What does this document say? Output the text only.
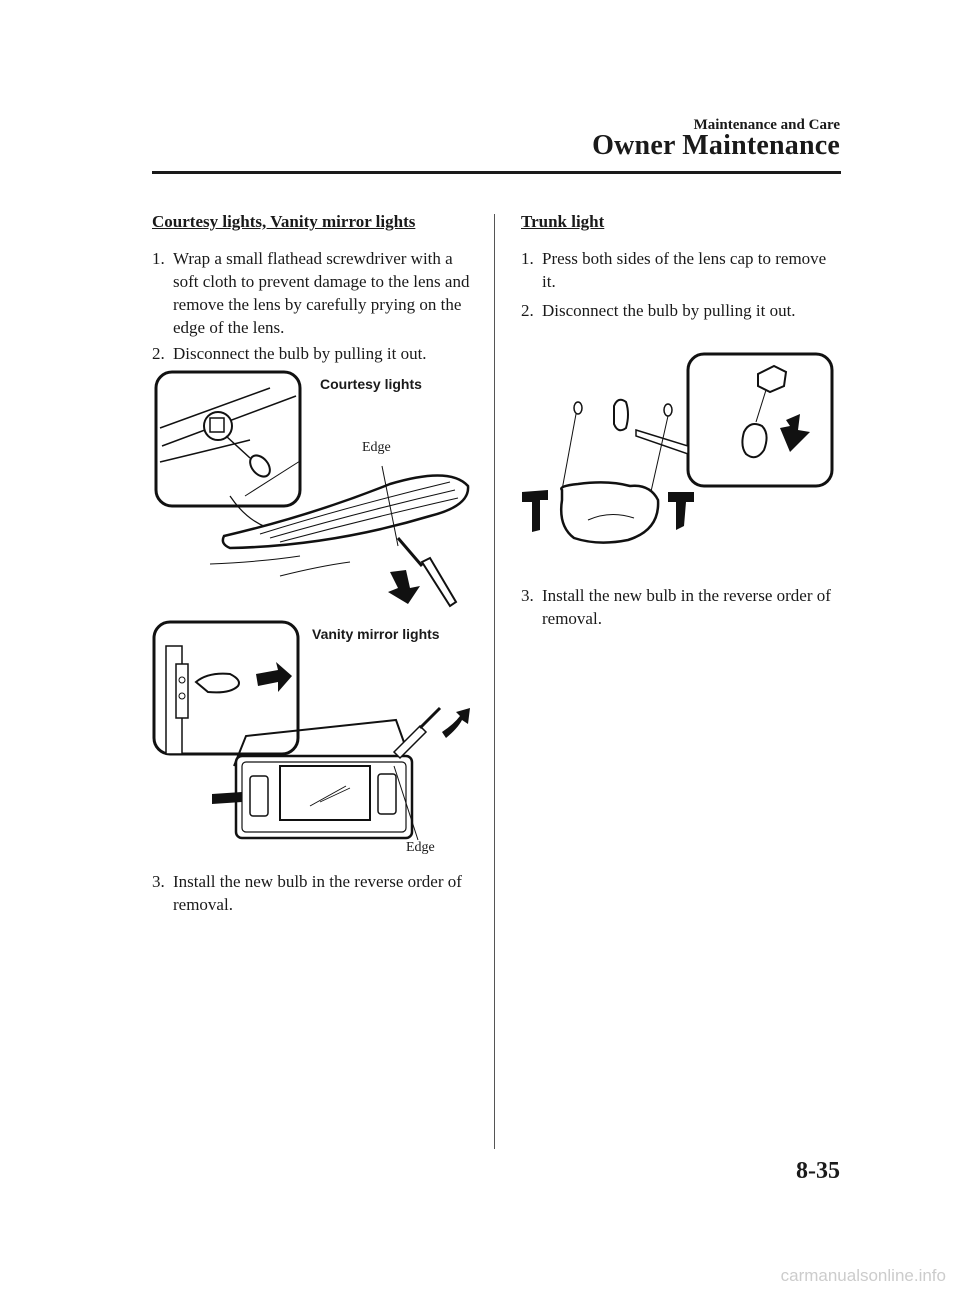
Maintenance and Care
Owner Maintenance
Courtesy lights, Vanity mirror lights
1. Wrap a small flathead screwdriver with a soft cloth to prevent damage to the lens and remove the lens by carefully prying on the edge of the lens.
2. Disconnect the bulb by pulling it out.
Courtesy lights
Edge
Vanity mirror lights
Edge
3. Install the new bulb in the reverse order of removal.
Trunk light
1. Press both sides of the lens cap to remove it.
2. Disconnect the bulb by pulling it out.
3. Install the new bulb in the reverse order of removal.
8-35
carmanualsonline.info
